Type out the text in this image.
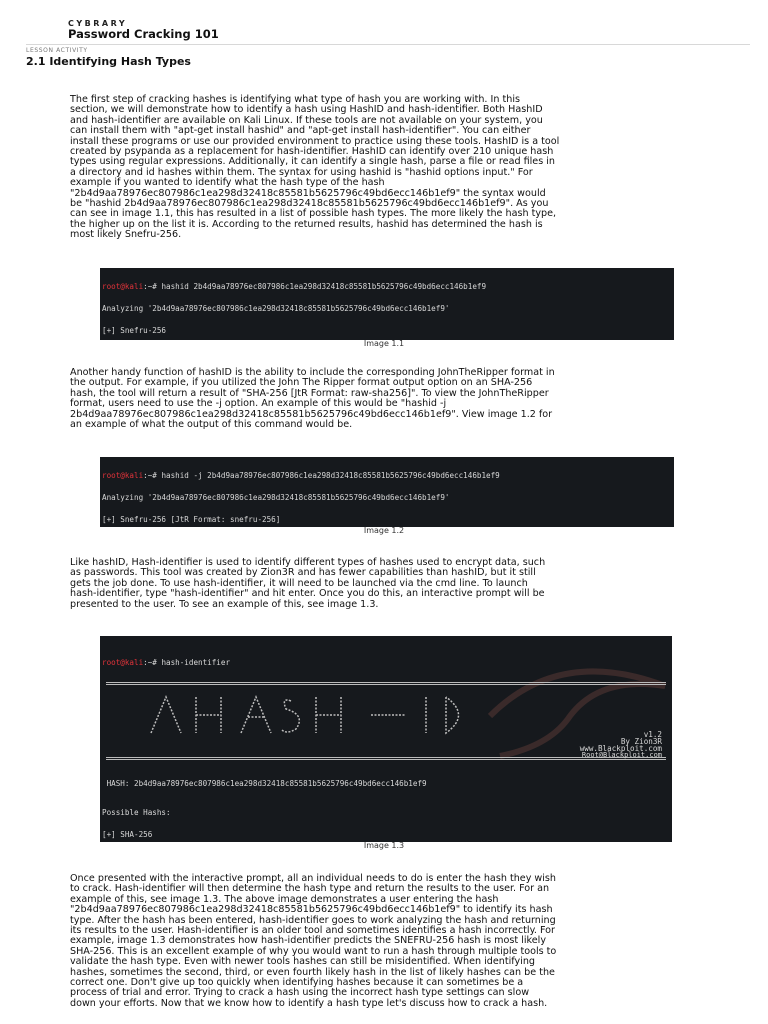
CYBRARY
Password Cracking 101
LESSON ACTIVITY
2.1 Identifying Hash Types

The first step of cracking hashes is identifying what type of hash you are working with. In this
section, we will demonstrate how to identify a hash using HashID and hash-identifier. Both HashID
and hash-identifier are available on Kali Linux. If these tools are not available on your system, you
can install them with "apt-get install hashid" and "apt-get install hash-identifier". You can either
install these programs or use our provided environment to practice using these tools. HashID is a tool
created by psypanda as a replacement for hash-identifier. HashID can identify over 210 unique hash
types using regular expressions. Additionally, it can identify a single hash, parse a file or read files in
a directory and id hashes within them. The syntax for using hashid is "hashid options input." For
example if you wanted to identify what the hash type of the hash
"2b4d9aa78976ec807986c1ea298d32418c85581b5625796c49bd6ecc146b1ef9" the syntax would
be "hashid 2b4d9aa78976ec807986c1ea298d32418c85581b5625796c49bd6ecc146b1ef9". As you
can see in image 1.1, this has resulted in a list of possible hash types. The more likely the hash type,
the higher up on the list it is. According to the returned results, hashid has determined the hash is
most likely Snefru-256.

root@kali:~# hashid 2b4d9aa78976ec807986c1ea298d32418c85581b5625796c49bd6ecc146b1ef9

Analyzing '2b4d9aa78976ec807986c1ea298d32418c85581b5625796c49bd6ecc146b1ef9'

[+] Snefru-256

Image 1.1

Another handy function of hashID is the ability to include the corresponding JohnTheRipper format in
the output. For example, if you utilized the John The Ripper format output option on an SHA-256
hash, the tool will return a result of "SHA-256 [JtR Format: raw-sha256]". To view the JohnTheRipper
format, users need to use the -j option. An example of this would be "hashid -j
2b4d9aa78976ec807986c1ea298d32418c85581b5625796c49bd6ecc146b1ef9". View image 1.2 for
an example of what the output of this command would be.

root@kali:~# hashid -j 2b4d9aa78976ec807986c1ea298d32418c85581b5625796c49bd6ecc146b1ef9

Analyzing '2b4d9aa78976ec807986c1ea298d32418c85581b5625796c49bd6ecc146b1ef9'

[+] Snefru-256 [JtR Format: snefru-256]

Image 1.2

Like hashID, Hash-identifier is used to identify different types of hashes used to encrypt data, such
as passwords. This tool was created by Zion3R and has fewer capabilities than hashID, but it still
gets the job done. To use hash-identifier, it will need to be launched via the cmd line. To launch
hash-identifier, type "hash-identifier" and hit enter. Once you do this, an interactive prompt will be
presented to the user. To see an example of this, see image 1.3.

root@kali:~# hash-identifier

v1.2

By Zion3R

www.Blackploit.com

Root@Blackploit.com

HASH: 2b4d9aa78976ec807986c1ea298d32418c85581b5625796c49bd6ecc146b1ef9

Possible Hashs:

[+] SHA-256

Image 1.3

Once presented with the interactive prompt, all an individual needs to do is enter the hash they wish
to crack. Hash-identifier will then determine the hash type and return the results to the user. For an
example of this, see image 1.3. The above image demonstrates a user entering the hash
"2b4d9aa78976ec807986c1ea298d32418c85581b5625796c49bd6ecc146b1ef9" to identify its hash
type. After the hash has been entered, hash-identifier goes to work analyzing the hash and returning
its results to the user. Hash-identifier is an older tool and sometimes identifies a hash incorrectly. For
example, image 1.3 demonstrates how hash-identifier predicts the SNEFRU-256 hash is most likely
SHA-256. This is an excellent example of why you would want to run a hash through multiple tools to
validate the hash type. Even with newer tools hashes can still be misidentified. When identifying
hashes, sometimes the second, third, or even fourth likely hash in the list of likely hashes can be the
correct one. Don't give up too quickly when identifying hashes because it can sometimes be a
process of trial and error. Trying to crack a hash using the incorrect hash type settings can slow
down your efforts. Now that we know how to identify a hash type let's discuss how to crack a hash.
